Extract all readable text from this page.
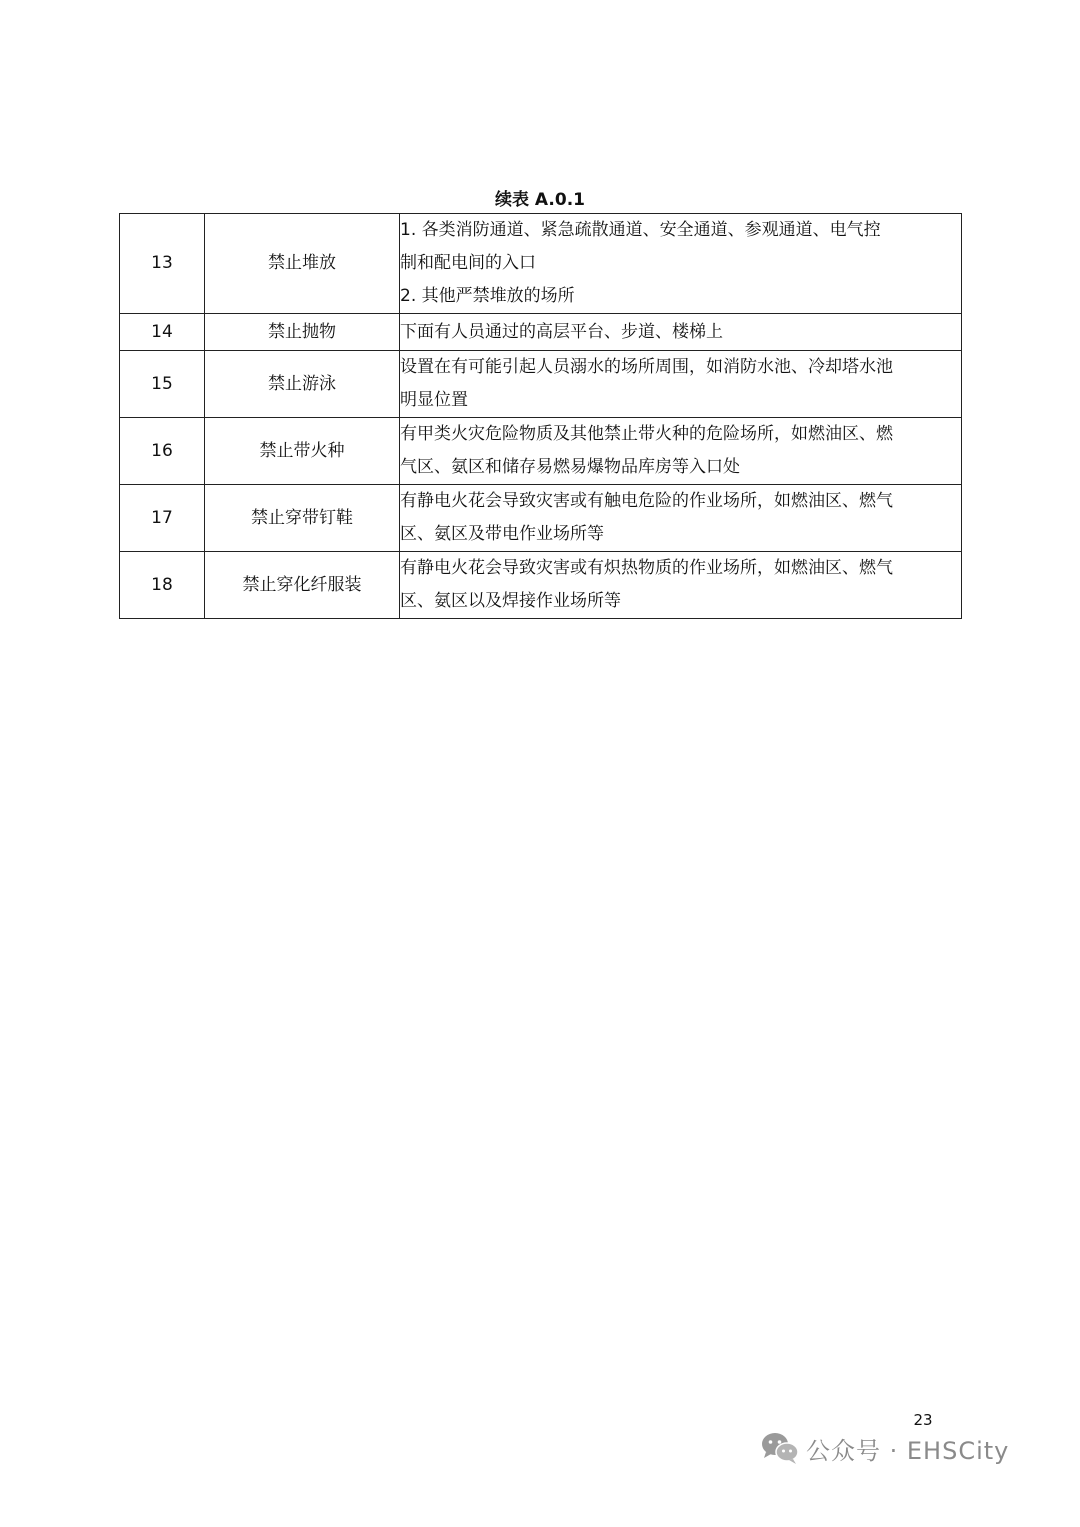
续表 A.0.1
13	禁止堆放	1. 各类消防通道、紧急疏散通道、安全通道、参观通道、电气控
制和配电间的入口
2. 其他严禁堆放的场所

14	禁止抛物	下面有人员通过的高层平台、步道、楼梯上

15	禁止游泳	设置在有可能引起人员溺水的场所周围，如消防水池、冷却塔水池
明显位置

16	禁止带火种	有甲类火灾危险物质及其他禁止带火种的危险场所，如燃油区、燃
气区、氨区和储存易燃易爆物品库房等入口处

17	禁止穿带钉鞋	有静电火花会导致灾害或有触电危险的作业场所，如燃油区、燃气
区、氨区及带电作业场所等

18	禁止穿化纤服装	有静电火花会导致灾害或有炽热物质的作业场所，如燃油区、燃气
区、氨区以及焊接作业场所等
23
公众号 · EHSCity
